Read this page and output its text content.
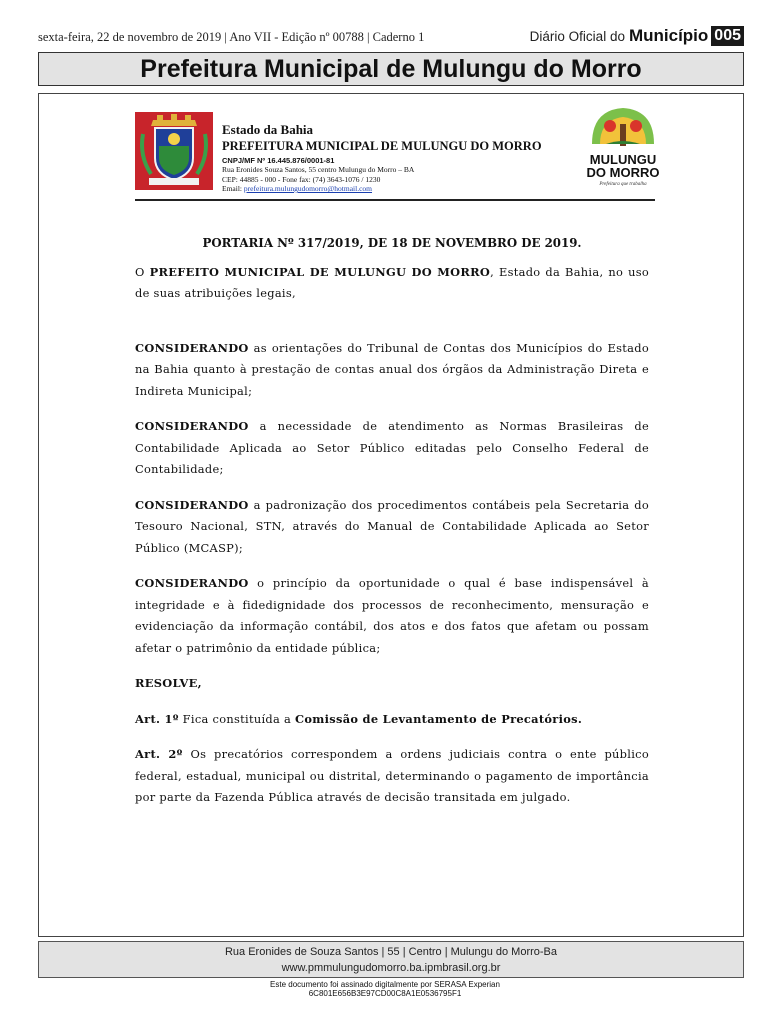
sexta-feira, 22 de novembro de 2019 | Ano VII - Edição nº 00788 | Caderno 1	Diário Oficial do Município 005
Prefeitura Municipal de Mulungu do Morro
Estado da Bahia
PREFEITURA MUNICIPAL DE MULUNGU DO MORRO
CNPJ/MF Nº 16.445.876/0001-81
Rua Eronides Souza Santos, 55 centro Mulungu do Morro – BA
CEP: 44885 - 000 - Fone fax: (74) 3643-1076 / 1230
Email: prefeitura.mulungudomorro@hotmail.com
MULUNGU
DO MORRO
Prefeitura que trabalha
PORTARIA Nº 317/2019, DE 18 DE NOVEMBRO DE 2019.

O PREFEITO MUNICIPAL DE MULUNGU DO MORRO, Estado da Bahia, no uso de suas atribuições legais,

CONSIDERANDO as orientações do Tribunal de Contas dos Municípios do Estado na Bahia quanto à prestação de contas anual dos órgãos da Administração Direta e Indireta Municipal;

CONSIDERANDO a necessidade de atendimento as Normas Brasileiras de Contabilidade Aplicada ao Setor Público editadas pelo Conselho Federal de Contabilidade;

CONSIDERANDO a padronização dos procedimentos contábeis pela Secretaria do Tesouro Nacional, STN, através do Manual de Contabilidade Aplicada ao Setor Público (MCASP);

CONSIDERANDO o princípio da oportunidade o qual é base indispensável à integridade e à fidedignidade dos processos de reconhecimento, mensuração e evidenciação da informação contábil, dos atos e dos fatos que afetam ou possam afetar o patrimônio da entidade pública;

RESOLVE,

Art. 1º Fica constituída a Comissão de Levantamento de Precatórios.

Art. 2º Os precatórios correspondem a ordens judiciais contra o ente público federal, estadual, municipal ou distrital, determinando o pagamento de importância por parte da Fazenda Pública através de decisão transitada em julgado.

Rua Eronides de Souza Santos | 55 | Centro | Mulungu do Morro-Ba
www.pmmulungudomorro.ba.ipmbrasil.org.br
Este documento foi assinado digitalmente por SERASA Experian
6C801E656B3E97CD00C8A1E0536795F1
